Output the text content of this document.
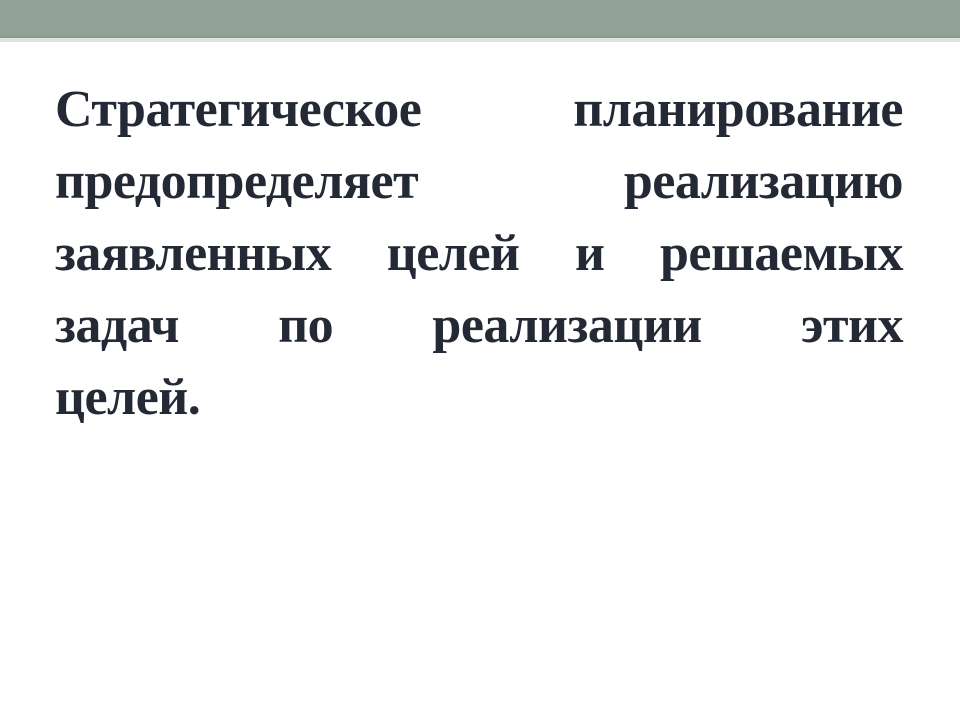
Стратегическое планирование
предопределяет реализацию
заявленных целей и решаемых
задач по реализации этих
целей.
